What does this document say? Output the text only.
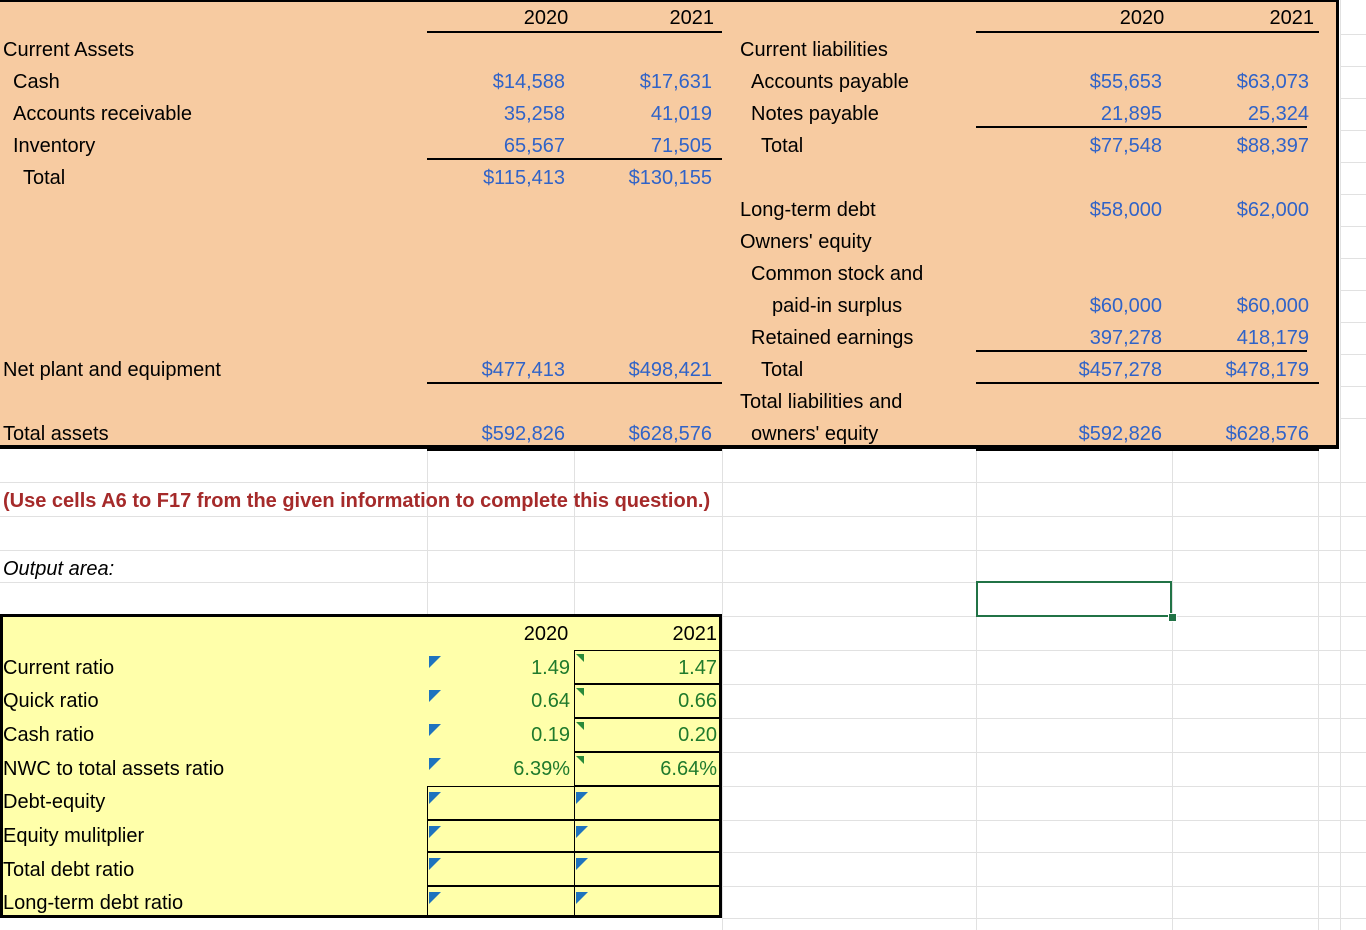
2020	2021	2020	2021
Current Assets
Cash	$14,588	$17,631
Accounts receivable	35,258	41,019
Inventory	65,567	71,505
Total	$115,413	$130,155
Net plant and equipment	$477,413	$498,421
Total assets	$592,826	$628,576
Current liabilities
Accounts payable	$55,653	$63,073
Notes payable	21,895	25,324
Total	$77,548	$88,397
Long-term debt	$58,000	$62,000
Owners' equity
Common stock and
paid-in surplus	$60,000	$60,000
Retained earnings	397,278	418,179
Total	$457,278	$478,179
Total liabilities and
owners' equity	$592,826	$628,576
(Use cells A6 to F17 from the given information to complete this question.)
Output area:
2020	2021
Current ratio	1.49	1.47
Quick ratio	0.64	0.66
Cash ratio	0.19	0.20
NWC to total assets ratio	6.39%	6.64%
Debt-equity
Equity mulitplier
Total debt ratio
Long-term debt ratio
